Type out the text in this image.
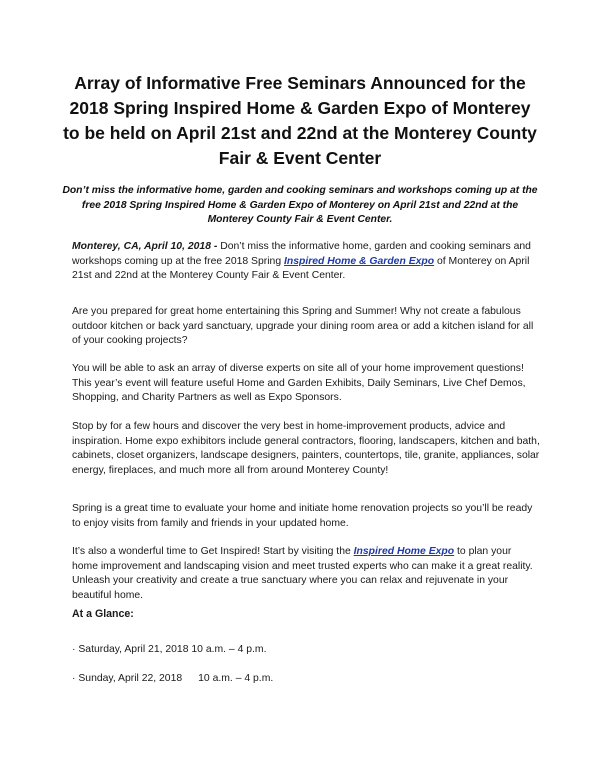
Array of Informative Free Seminars Announced for the 2018 Spring Inspired Home & Garden Expo of Monterey to be held on April 21st and 22nd at the Monterey County Fair & Event Center

Don’t miss the informative home, garden and cooking seminars and workshops coming up at the free 2018 Spring Inspired Home & Garden Expo of Monterey on April 21st and 22nd at the Monterey County Fair & Event Center.

Monterey, CA, April 10, 2018 - Don’t miss the informative home, garden and cooking seminars and workshops coming up at the free 2018 Spring Inspired Home & Garden Expo of Monterey on April 21st and 22nd at the Monterey County Fair & Event Center.

Are you prepared for great home entertaining this Spring and Summer! Why not create a fabulous outdoor kitchen or back yard sanctuary, upgrade your dining room area or add a kitchen island for all of your cooking projects?

You will be able to ask an array of diverse experts on site all of your home improvement questions! This year’s event will feature useful Home and Garden Exhibits, Daily Seminars, Live Chef Demos, Shopping, and Charity Partners as well as Expo Sponsors.

Stop by for a few hours and discover the very best in home-improvement products, advice and inspiration. Home expo exhibitors include general contractors, flooring, landscapers, kitchen and bath, cabinets, closet organizers, landscape designers, painters, countertops, tile, granite, appliances, solar energy, fireplaces, and much more all from around Monterey County!

Spring is a great time to evaluate your home and initiate home renovation projects so you’ll be ready to enjoy visits from family and friends in your updated home.

It’s also a wonderful time to Get Inspired! Start by visiting the Inspired Home Expo to plan your home improvement and landscaping vision and meet trusted experts who can make it a great reality. Unleash your creativity and create a true sanctuary where you can relax and rejuvenate in your beautiful home.

At a Glance:

· Saturday, April 21, 2018 10 a.m. – 4 p.m.

· Sunday, April 22, 2018 10 a.m. – 4 p.m.
